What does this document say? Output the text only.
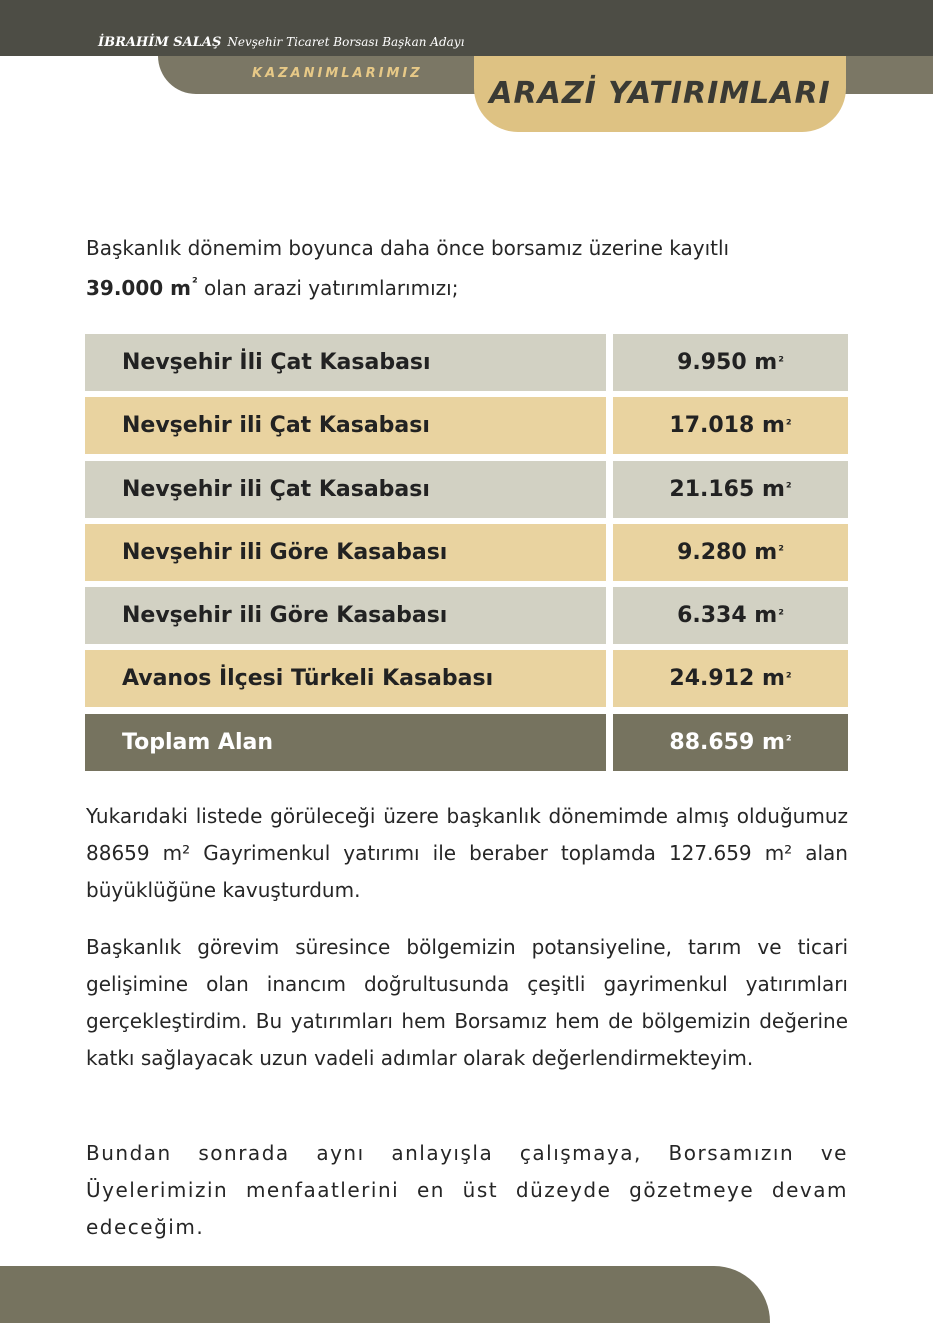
İBRAHİM SALAŞ Nevşehir Ticaret Borsası Başkan Adayı
KAZANIMLARIMIZ
ARAZİ YATIRIMLARI
Başkanlık dönemim boyunca daha önce borsamız üzerine kayıtlı
39.000 $m^{^2}$ olan arazi yatırımlarımızı;
Nevşehir İli Çat Kasabası	9.950 m ²
Nevşehir ili Çat Kasabası	17.018 m ²
Nevşehir ili Çat Kasabası	21.165 m ²
Nevşehir ili Göre Kasabası	9.280 m ²
Nevşehir ili Göre Kasabası	6.334 m ²
Avanos İlçesi Türkeli Kasabası	24.912 m ²
Toplam Alan	88.659 m ²

Yukarıdaki listede görüleceği üzere başkanlık dönemimde almış olduğumuz 88659 m² Gayrimenkul yatırımı ile beraber toplamda 127.659 m² alan büyüklüğüne kavuşturdum.

Başkanlık görevim süresince bölgemizin potansiyeline, tarım ve ticari gelişimine olan inancım doğrultusunda çeşitli gayrimenkul yatırımları gerçekleştirdim. Bu yatırımları hem Borsamız hem de bölgemizin değerine katkı sağlayacak uzun vadeli adımlar olarak değerlendirmekteyim.

Bundan sonrada aynı anlayışla çalışmaya, Borsamızın ve Üyelerimizin menfaatlerini en üst düzeyde gözetmeye devam edeceğim.
